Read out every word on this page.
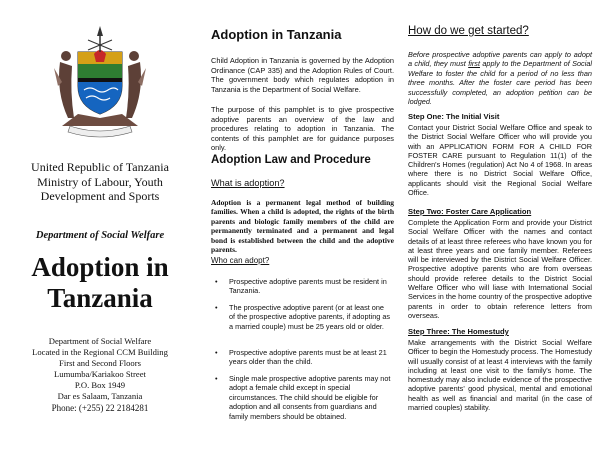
United Republic of Tanzania
Ministry of Labour, Youth
Development and Sports
Department of Social Welfare
Adoption in
Tanzania
Department of Social Welfare
Located in the Regional CCM Building
First and Second Floors
Lumumba/Kariakoo Street
P.O. Box 1949
Dar es Salaam, Tanzania
Phone: (+255) 22 2184281
Adoption in Tanzania
Child Adoption in Tanzania is governed by the Adoption Ordinance (CAP 335) and the Adoption Rules of Court. The government body which regulates adoption in Tanzania is the Department of Social Welfare.
The purpose of this pamphlet is to give prospective adoptive parents an overview of the law and procedures relating to adoption in Tanzania. The contents of this pamphlet are for guidance purposes only.
Adoption Law and Procedure
What is adoption?
Adoption is a permanent legal method of building families. When a child is adopted, the rights of the birth parents and biologic family members of the child are permanently terminated and a permanent and legal bond is established between the child and the adoptive parents.
Who can adopt?
• Prospective adoptive parents must be resident in Tanzania.
• The prospective adoptive parent (or at least one of the prospective adoptive parents, if adopting as a married couple) must be 25 years old or older.
• Prospective adoptive parents must be at least 21 years older than the child.
• Single male prospective adoptive parents may not adopt a female child except in special circumstances. The child should be eligible for adoption and all consents from guardians and family members should be obtained.
How do we get started?
Before prospective adoptive parents can apply to adopt a child, they must first apply to the Department of Social Welfare to foster the child for a period of no less than three months. After the foster care period has been successfully completed, an adoption petition can be lodged.
Step One: The Initial Visit
Contact your District Social Welfare Office and speak to the District Social Welfare Officer who will provide you with an APPLICATION FORM FOR A CHILD FOR FOSTER CARE pursuant to Regulation 11(1) of the Children's Homes (regulation) Act No 4 of 1968. In areas where there is no District Social Welfare Office, applicants should visit the Regional Social Welfare Office.
Step Two: Foster Care Application
Complete the Application Form and provide your District Social Welfare Officer with the names and contact details of at least three referees who have known you for at least three years and one family member. Referees will be interviewed by the District Social Welfare Officer. Prospective adoptive parents who are from overseas should provide referee details to the District Social Welfare Officer who will liase with International Social Services in the home country of the prospective adoptive parents in order to obtain reference letters from overseas.
Step Three: The Homestudy
Make arrangements with the District Social Welfare Officer to begin the Homestudy process. The Homestudy will usually consist of at least 4 interviews with the family including at least one visit to the family's home. The homestudy may also include evidence of the prospective adoptive parents' good physical, mental and emotional health as well as financial and marital (in the case of married couples) stability.
